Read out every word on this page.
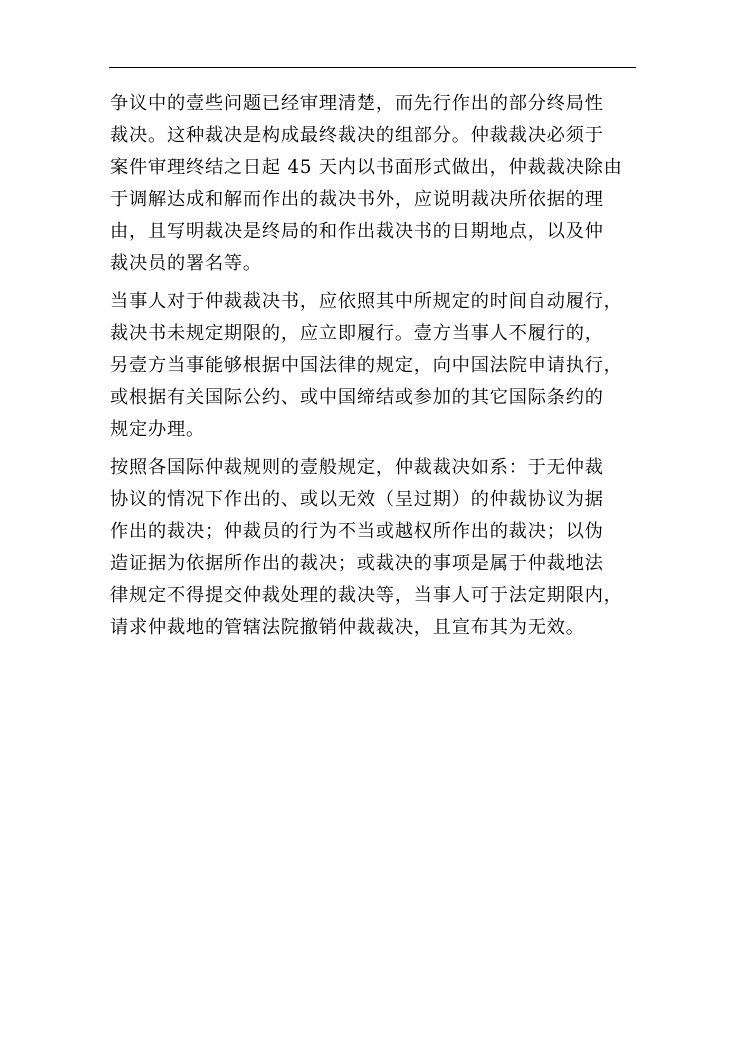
争议中的壹些问题已经审理清楚，而先行作出的部分终局性
裁决。这种裁决是构成最终裁决的组部分。仲裁裁决必须于
案件审理终结之日起 45 天内以书面形式做出，仲裁裁决除由
于调解达成和解而作出的裁决书外，应说明裁决所依据的理
由，且写明裁决是终局的和作出裁决书的日期地点，以及仲
裁决员的署名等。
当事人对于仲裁裁决书，应依照其中所规定的时间自动履行，
裁决书未规定期限的，应立即履行。壹方当事人不履行的，
另壹方当事能够根据中国法律的规定，向中国法院申请执行，
或根据有关国际公约、或中国缔结或参加的其它国际条约的
规定办理。
按照各国际仲裁规则的壹般规定，仲裁裁决如系：于无仲裁
协议的情况下作出的、或以无效（呈过期）的仲裁协议为据
作出的裁决；仲裁员的行为不当或越权所作出的裁决；以伪
造证据为依据所作出的裁决；或裁决的事项是属于仲裁地法
律规定不得提交仲裁处理的裁决等，当事人可于法定期限内，
请求仲裁地的管辖法院撤销仲裁裁决，且宣布其为无效。
